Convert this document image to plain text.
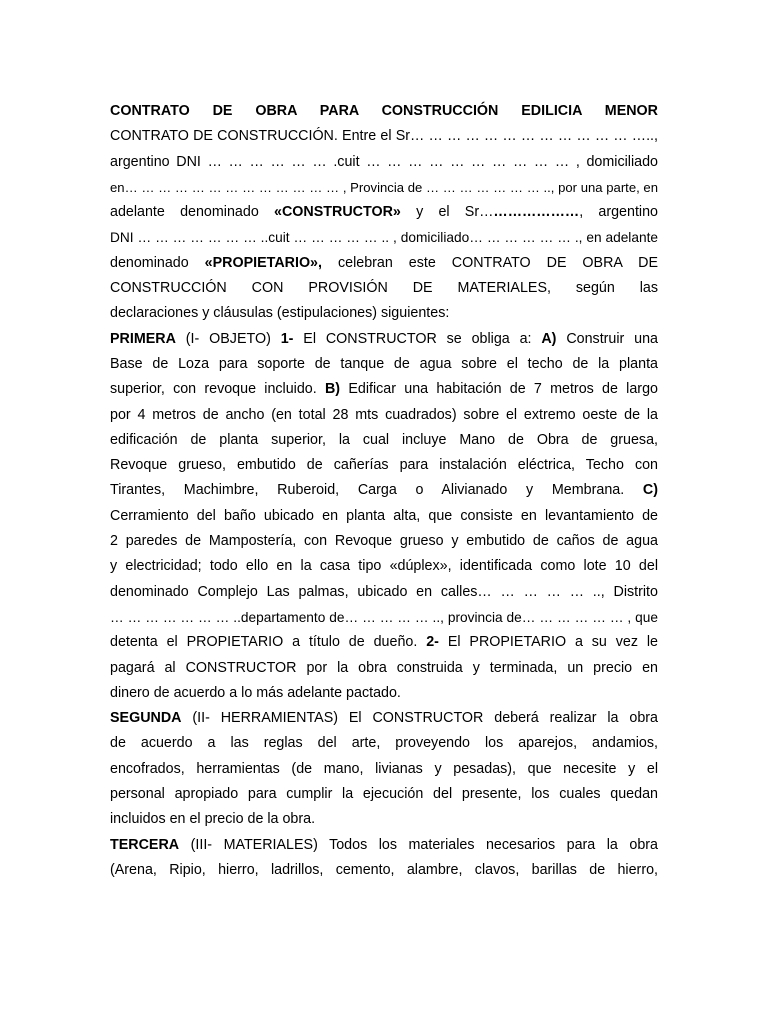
CONTRATO DE OBRA PARA CONSTRUCCIÓN EDILICIA MENOR
CONTRATO DE CONSTRUCCIÓN. Entre el Sr… … … … … … … … … … … … …..,
argentino DNI … … … … … … .cuit … … … … … … … … … … , domiciliado
en… … … … … … … … … … … … … , Provincia de … … … … … … … .., por una parte, en
adelante denominado «CONSTRUCTOR» y el Sr…………………, argentino
DNI … … … … … … … ..cuit … … … … … .. , domiciliado… … … … … … ., en adelante
denominado «PROPIETARIO», celebran este CONTRATO DE OBRA DE
CONSTRUCCIÓN CON PROVISIÓN DE MATERIALES, según las
declaraciones y cláusulas (estipulaciones) siguientes:
PRIMERA (I- OBJETO) 1- El CONSTRUCTOR se obliga a: A) Construir una
Base de Loza para soporte de tanque de agua sobre el techo de la planta
superior, con revoque incluido. B) Edificar una habitación de 7 metros de largo
por 4 metros de ancho (en total 28 mts cuadrados) sobre el extremo oeste de la
edificación de planta superior, la cual incluye Mano de Obra de gruesa,
Revoque grueso, embutido de cañerías para instalación eléctrica, Techo con
Tirantes, Machimbre, Ruberoid, Carga o Alivianado y Membrana. C)
Cerramiento del baño ubicado en planta alta, que consiste en levantamiento de
2 paredes de Mampostería, con Revoque grueso y embutido de caños de agua
y electricidad; todo ello en la casa tipo «dúplex», identificada como lote 10 del
denominado Complejo Las palmas, ubicado en calles… … … … … .., Distrito
… … … … … … … ..departamento de… … … … … .., provincia de… … … … … … , que
detenta el PROPIETARIO a título de dueño. 2- El PROPIETARIO a su vez le
pagará al CONSTRUCTOR por la obra construida y terminada, un precio en
dinero de acuerdo a lo más adelante pactado.
SEGUNDA (II- HERRAMIENTAS) El CONSTRUCTOR deberá realizar la obra
de acuerdo a las reglas del arte, proveyendo los aparejos, andamios,
encofrados, herramientas (de mano, livianas y pesadas), que necesite y el
personal apropiado para cumplir la ejecución del presente, los cuales quedan
incluidos en el precio de la obra.
TERCERA (III- MATERIALES) Todos los materiales necesarios para la obra
(Arena, Ripio, hierro, ladrillos, cemento, alambre, clavos, barillas de hierro,
